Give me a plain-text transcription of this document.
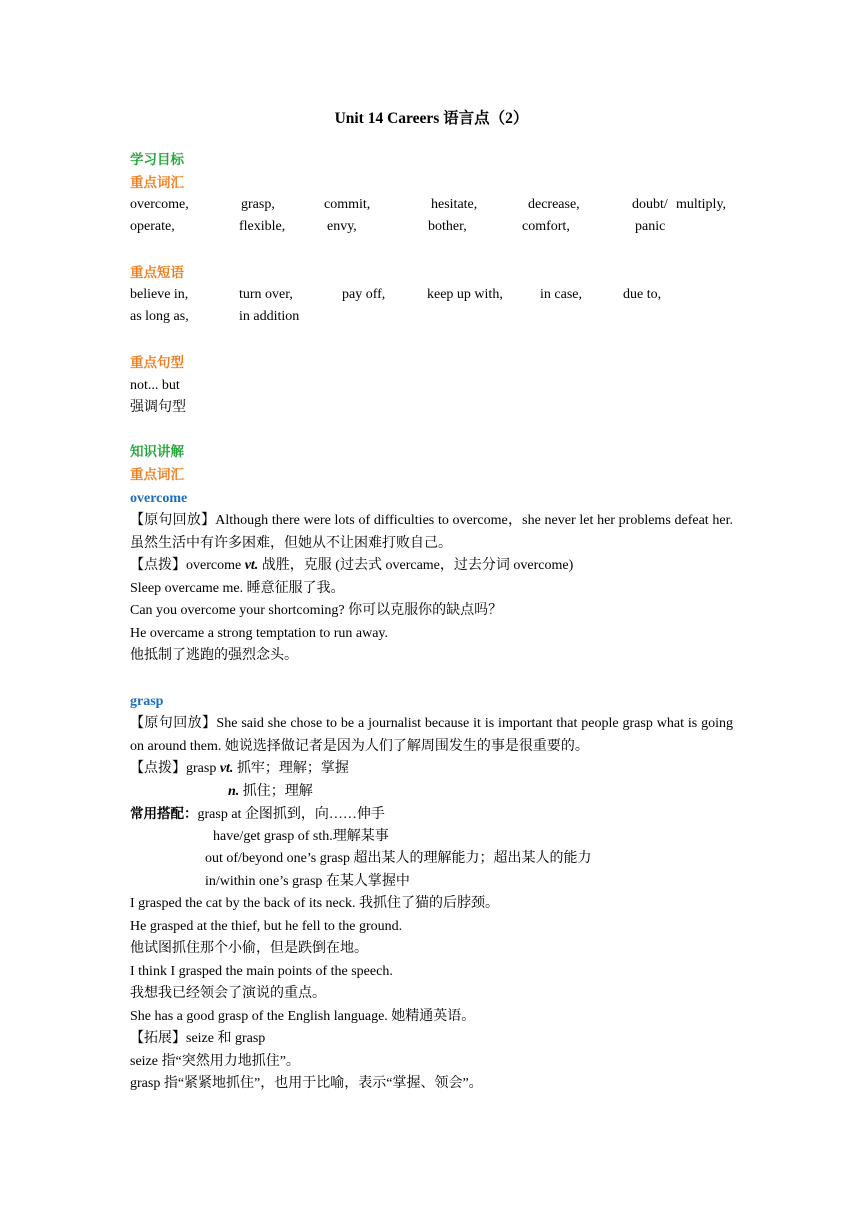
Unit 14 Careers 语言点（2）
学习目标
重点词汇
overcome,	grasp,	commit,	hesitate,	decrease,	doubt/ multiply,
operate,	flexible,	envy,	bother,	comfort,	panic
重点短语
believe in,	turn over,	pay off,	keep up with,	in case,	due to,
as long as,	in addition
重点句型
not... but
强调句型
知识讲解
重点词汇
overcome
【原句回放】Although there were lots of difficulties to overcome，she never let her problems defeat her. 虽然生活中有许多困难，但她从不让困难打败自己。
【点拨】overcome vt. 战胜，克服 (过去式 overcame，过去分词 overcome)
Sleep overcame me. 睡意征服了我。
Can you overcome your shortcoming? 你可以克服你的缺点吗？
He overcame a strong temptation to run away.
他抵制了逃跑的强烈念头。
grasp
【原句回放】She said she chose to be a journalist because it is important that people grasp what is going on around them. 她说选择做记者是因为人们了解周围发生的事是很重要的。
【点拨】grasp vt. 抓牢；理解；掌握
n. 抓住；理解
常用搭配：grasp at 企图抓到，向……伸手
have/get grasp of sth.理解某事
out of/beyond one’s grasp 超出某人的理解能力；超出某人的能力
in/within one’s grasp 在某人掌握中
I grasped the cat by the back of its neck. 我抓住了猫的后脖颈。
He grasped at the thief, but he fell to the ground.
他试图抓住那个小偷，但是跌倒在地。
I think I grasped the main points of the speech.
我想我已经领会了演说的重点。
She has a good grasp of the English language. 她精通英语。
【拓展】seize 和 grasp
seize 指“突然用力地抓住”。
grasp 指“紧紧地抓住”，也用于比喻，表示“掌握、领会”。
